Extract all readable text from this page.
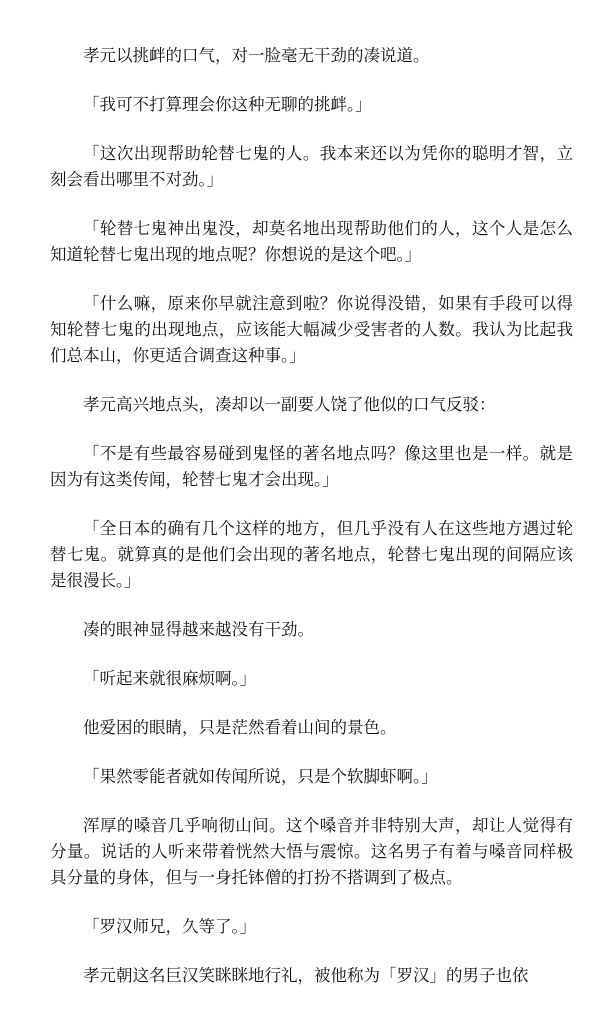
孝元以挑衅的口气，对一脸毫无干劲的凑说道。

「我可不打算理会你这种无聊的挑衅。」

「这次出现帮助轮替七鬼的人。我本来还以为凭你的聪明才智，立刻会看出哪里不对劲。」

「轮替七鬼神出鬼没，却莫名地出现帮助他们的人，这个人是怎么知道轮替七鬼出现的地点呢？你想说的是这个吧。」

「什么嘛，原来你早就注意到啦？你说得没错，如果有手段可以得知轮替七鬼的出现地点，应该能大幅减少受害者的人数。我认为比起我们总本山，你更适合调查这种事。」

孝元高兴地点头，凑却以一副要人饶了他似的口气反驳：

「不是有些最容易碰到鬼怪的著名地点吗？像这里也是一样。就是因为有这类传闻，轮替七鬼才会出现。」

「全日本的确有几个这样的地方，但几乎没有人在这些地方遇过轮替七鬼。就算真的是他们会出现的著名地点，轮替七鬼出现的间隔应该是很漫长。」

凑的眼神显得越来越没有干劲。

「听起来就很麻烦啊。」

他爱困的眼睛，只是茫然看着山间的景色。

「果然零能者就如传闻所说，只是个软脚虾啊。」

浑厚的嗓音几乎响彻山间。这个嗓音并非特别大声，却让人觉得有分量。说话的人听来带着恍然大悟与震惊。这名男子有着与嗓音同样极具分量的身体，但与一身托钵僧的打扮不搭调到了极点。

「罗汉师兄，久等了。」

孝元朝这名巨汉笑眯眯地行礼，被他称为「罗汉」的男子也依
